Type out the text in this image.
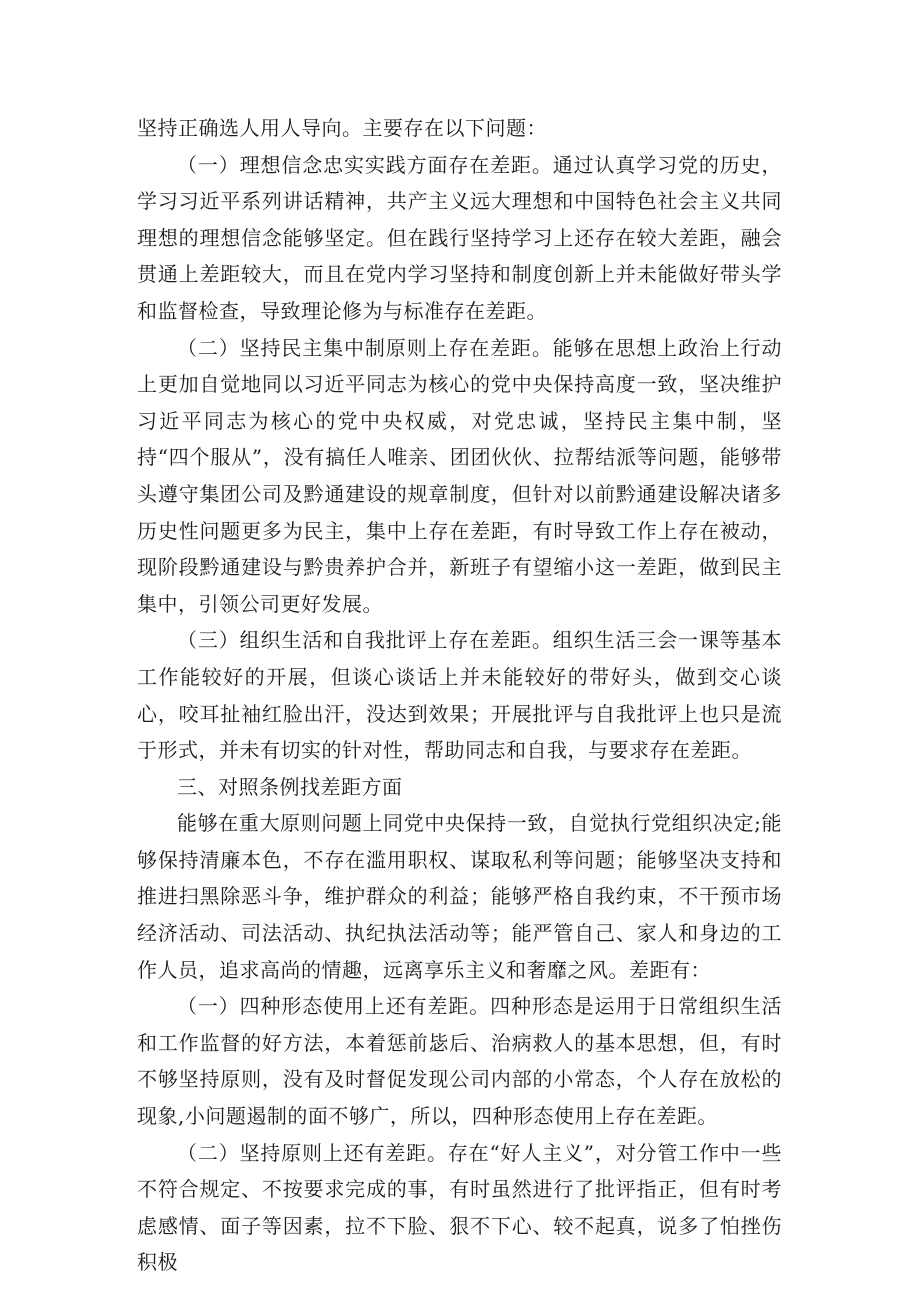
坚持正确选人用人导向。主要存在以下问题：

（一）理想信念忠实实践方面存在差距。通过认真学习党的历史，学习习近平系列讲话精神，共产主义远大理想和中国特色社会主义共同理想的理想信念能够坚定。但在践行坚持学习上还存在较大差距，融会贯通上差距较大，而且在党内学习坚持和制度创新上并未能做好带头学和监督检查，导致理论修为与标准存在差距。

（二）坚持民主集中制原则上存在差距。能够在思想上政治上行动上更加自觉地同以习近平同志为核心的党中央保持高度一致，坚决维护习近平同志为核心的党中央权威，对党忠诚，坚持民主集中制，坚持“四个服从”，没有搞任人唯亲、团团伙伙、拉帮结派等问题，能够带头遵守集团公司及黔通建设的规章制度，但针对以前黔通建设解决诸多历史性问题更多为民主，集中上存在差距，有时导致工作上存在被动，现阶段黔通建设与黔贵养护合并，新班子有望缩小这一差距，做到民主集中，引领公司更好发展。

（三）组织生活和自我批评上存在差距。组织生活三会一课等基本工作能较好的开展，但谈心谈话上并未能较好的带好头，做到交心谈心，咬耳扯袖红脸出汗，没达到效果；开展批评与自我批评上也只是流于形式，并未有切实的针对性，帮助同志和自我，与要求存在差距。

三、对照条例找差距方面

能够在重大原则问题上同党中央保持一致，自觉执行党组织决定;能够保持清廉本色，不存在滥用职权、谋取私利等问题；能够坚决支持和推进扫黑除恶斗争，维护群众的利益；能够严格自我约束，不干预市场经济活动、司法活动、执纪执法活动等；能严管自己、家人和身边的工作人员，追求高尚的情趣，远离享乐主义和奢靡之风。差距有：

（一）四种形态使用上还有差距。四种形态是运用于日常组织生活和工作监督的好方法，本着惩前毖后、治病救人的基本思想，但，有时不够坚持原则，没有及时督促发现公司内部的小常态，个人存在放松的现象,小问题遏制的面不够广，所以，四种形态使用上存在差距。

（二）坚持原则上还有差距。存在“好人主义”，对分管工作中一些不符合规定、不按要求完成的事，有时虽然进行了批评指正，但有时考虑感情、面子等因素，拉不下脸、狠不下心、较不起真，说多了怕挫伤积极
